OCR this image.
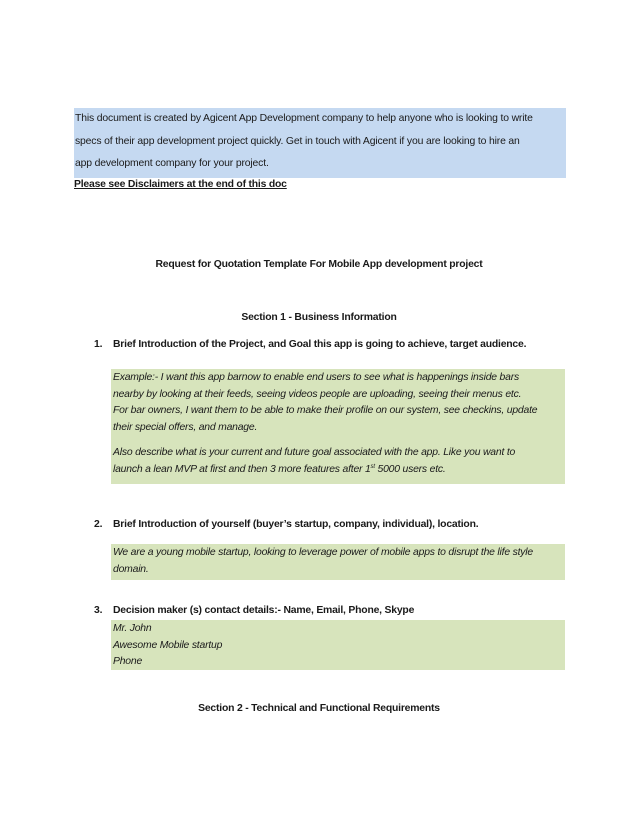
This document is created by Agicent App Development company to help anyone who is looking to write

specs of their app development project quickly. Get in touch with Agicent if you are looking to hire an

app development company for your project.

Please see Disclaimers at the end of this doc
Request for Quotation Template For Mobile App development project
Section 1 - Business Information
1. Brief Introduction of the Project, and Goal this app is going to achieve, target audience.

Example:- I want this app barnow to enable end users to see what is happenings inside bars

nearby by looking at their feeds, seeing videos people are uploading, seeing their menus etc.

For bar owners, I want them to be able to make their profile on our system, see checkins, update

their special offers, and manage.

Also describe what is your current and future goal associated with the app. Like you want to

launch a lean MVP at first and then 3 more features after 1st 5000 users etc.

2. Brief Introduction of yourself (buyer’s startup, company, individual), location.

We are a young mobile startup, looking to leverage power of mobile apps to disrupt the life style

domain.

3. Decision maker (s) contact details:- Name, Email, Phone, Skype

Mr. John

Awesome Mobile startup

Phone

Section 2 - Technical and Functional Requirements
